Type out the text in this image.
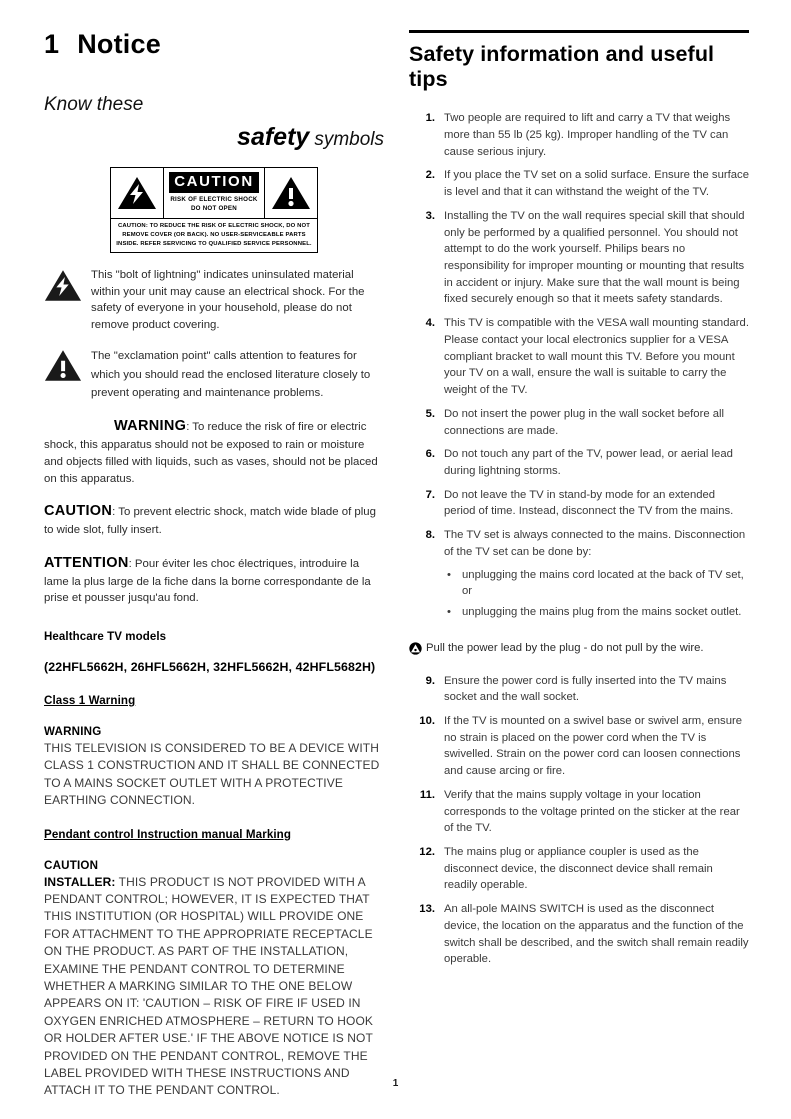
1 Notice
Know these
safety symbols
CAUTION
RISK OF ELECTRIC SHOCK
DO NOT OPEN
CAUTION: TO REDUCE THE RISK OF ELECTRIC SHOCK, DO NOT REMOVE COVER (OR BACK). NO USER-SERVICEABLE PARTS INSIDE. REFER SERVICING TO QUALIFIED SERVICE PERSONNEL.
This "bolt of lightning" indicates uninsulated material within your unit may cause an electrical shock. For the safety of everyone in your household, please do not remove product covering.
The "exclamation point" calls attention to features for which you should read the enclosed literature closely to prevent operating and maintenance problems.

WARNING: To reduce the risk of fire or electric shock, this apparatus should not be exposed to rain or moisture and objects filled with liquids, such as vases, should not be placed on this apparatus.

CAUTION: To prevent electric shock, match wide blade of plug to wide slot, fully insert.

ATTENTION: Pour éviter les choc électriques, introduire la lame la plus large de la fiche dans la borne correspondante de la prise et pousser jusqu'au fond.

Healthcare TV models
(22HFL5662H, 26HFL5662H, 32HFL5662H, 42HFL5682H)
Class 1 Warning
WARNING
THIS TELEVISION IS CONSIDERED TO BE A DEVICE WITH CLASS 1 CONSTRUCTION AND IT SHALL BE CONNECTED TO A MAINS SOCKET OUTLET WITH A PROTECTIVE EARTHING CONNECTION.
Pendant control Instruction manual Marking
CAUTION
INSTALLER: THIS PRODUCT IS NOT PROVIDED WITH A PENDANT CONTROL; HOWEVER, IT IS EXPECTED THAT THIS INSTITUTION (OR HOSPITAL) WILL PROVIDE ONE FOR ATTACHMENT TO THE APPROPRIATE RECEPTACLE ON THE PRODUCT. AS PART OF THE INSTALLATION, EXAMINE THE PENDANT CONTROL TO DETERMINE WHETHER A MARKING SIMILAR TO THE ONE BELOW APPEARS ON IT: 'CAUTION – RISK OF FIRE IF USED IN OXYGEN ENRICHED ATMOSPHERE – RETURN TO HOOK OR HOLDER AFTER USE.' IF THE ABOVE NOTICE IS NOT PROVIDED ON THE PENDANT CONTROL, REMOVE THE LABEL PROVIDED WITH THESE INSTRUCTIONS AND ATTACH IT TO THE PENDANT CONTROL.
Safety information and useful tips
1. Two people are required to lift and carry a TV that weighs more than 55 lb (25 kg). Improper handling of the TV can cause serious injury.
2. If you place the TV set on a solid surface. Ensure the surface is level and that it can withstand the weight of the TV.
3. Installing the TV on the wall requires special skill that should only be performed by a qualified personnel. You should not attempt to do the work yourself. Philips bears no responsibility for improper mounting or mounting that results in accident or injury. Make sure that the wall mount is being fixed securely enough so that it meets safety standards.
4. This TV is compatible with the VESA wall mounting standard. Please contact your local electronics supplier for a VESA compliant bracket to wall mount this TV. Before you mount your TV on a wall, ensure the wall is suitable to carry the weight of the TV.
5. Do not insert the power plug in the wall socket before all connections are made.
6. Do not touch any part of the TV, power lead, or aerial lead during lightning storms.
7. Do not leave the TV in stand-by mode for an extended period of time. Instead, disconnect the TV from the mains.
8. The TV set is always connected to the mains. Disconnection of the TV set can be done by:
• unplugging the mains cord located at the back of TV set, or
• unplugging the mains plug from the mains socket outlet.
Pull the power lead by the plug - do not pull by the wire.
9. Ensure the power cord is fully inserted into the TV mains socket and the wall socket.
10. If the TV is mounted on a swivel base or swivel arm, ensure no strain is placed on the power cord when the TV is swivelled. Strain on the power cord can loosen connections and cause arcing or fire.
11. Verify that the mains supply voltage in your location corresponds to the voltage printed on the sticker at the rear of the TV.
12. The mains plug or appliance coupler is used as the disconnect device, the disconnect device shall remain readily operable.
13. An all-pole MAINS SWITCH is used as the disconnect device, the location on the apparatus and the function of the switch shall be described, and the switch shall remain readily operable.
1
